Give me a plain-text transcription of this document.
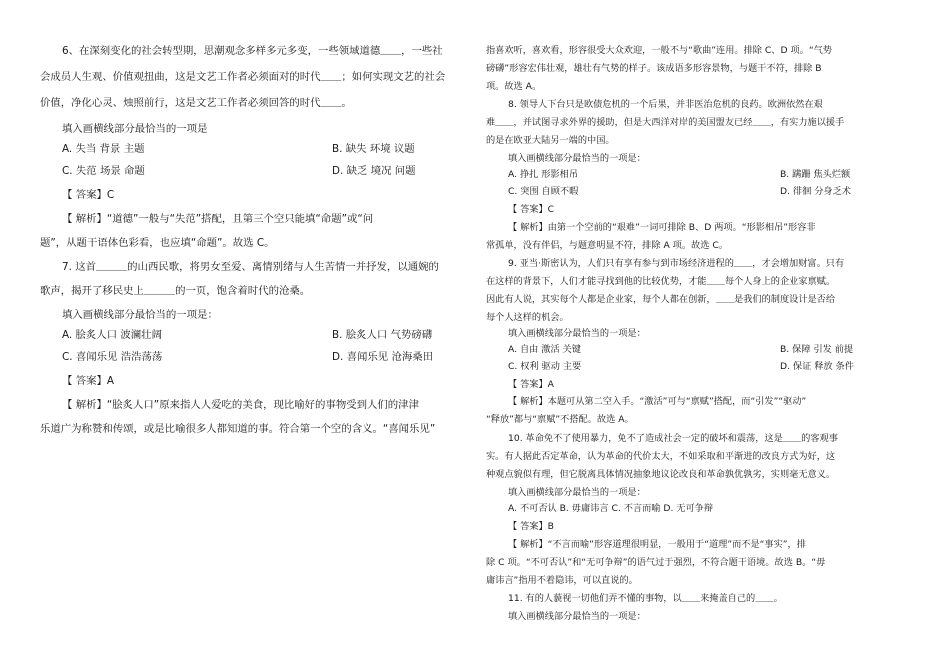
6、在深刻变化的社会转型期，思潮观念多样多元多变，一些领域道德＿＿，一些社
会成员人生观、价值观扭曲，这是文艺工作者必须面对的时代＿＿；如何实现文艺的社会
价值，净化心灵、烛照前行，这是文艺工作者必须回答的时代＿＿。
填入画横线部分最恰当的一项是
A. 失当 背景 主题	B. 缺失 环境 议题
C. 失范 场景 命题	D. 缺乏 境况 问题
【 答案】C
【 解析】“道德”一般与“失范”搭配，且第三个空只能填“命题”或“问
题”，从题干语体色彩看，也应填“命题”。故选 C。
7. 这首＿＿＿的山西民歌，将男女至爱、离情别绪与人生苦情一并抒发，以通婉的
歌声，揭开了移民史上＿＿＿的一页，饱含着时代的沧桑。
填入画横线部分最恰当的一项是：
A. 脍炙人口 波澜壮阔	B. 脍炙人口 气势磅礴
C. 喜闻乐见 浩浩荡荡	D. 喜闻乐见 沧海桑田
【 答案】A
【 解析】“脍炙人口”原来指人人爱吃的美食，现比喻好的事物受到人们的津津
乐道广为称赞和传颂，或是比喻很多人都知道的事。符合第一个空的含义。“喜闻乐见”
指喜欢听，喜欢看，形容很受大众欢迎，一般不与“歌曲”连用。排除 C、D 项。“气势
磅礴”形容宏伟壮观，雄壮有气势的样子。该成语多形容景物，与题干不符，排除 B
项。故选 A。
8. 领导人下台只是欧债危机的一个后果，并非医治危机的良药。欧洲依然在艰
难＿＿，并试图寻求外界的援助，但是大西洋对岸的美国盟友已经＿＿，有实力施以援手
的是在欧亚大陆另一端的中国。
填入画横线部分最恰当的一项是：
A. 挣扎 形影相吊	B. 蹒跚 焦头烂额
C. 突围 自顾不暇	D. 徘徊 分身乏术
【 答案】C
【 解析】由第一个空前的“艰难”一词可排除 B、D 两项。“形影相吊”形容非
常孤单，没有伴侣，与题意明显不符，排除 A 项。故选 C。
9. 亚当·斯密认为，人们只有享有参与到市场经济进程的＿＿，才会增加财富。只有
在这样的背景下，人们才能寻找到他的比较优势，才能＿＿每个人身上的企业家禀赋。
因此有人说，其实每个人都是企业家，每个人都在创新，＿＿是我们的制度设计是否给
每个人这样的机会。
填入画横线部分最恰当的一项是：
A. 自由 激活 关键	B. 保障 引发 前提
C. 权利 驱动 主要	D. 保证 释放 条件
【 答案】A
【 解析】本题可从第二空入手。“激活”可与“禀赋”搭配，而“引发”“驱动”
“释放”都与“禀赋”不搭配。故选 A。
10. 革命免不了使用暴力，免不了造成社会一定的破坏和震荡，这是＿＿的客观事
实。有人据此否定革命，认为革命的代价太大，不如采取和平渐进的改良方式为好，这
种观点貌似有理，但它脱离具体情况抽象地议论改良和革命孰优孰劣，实则毫无意义。
填入画横线部分最恰当的一项是：
A. 不可否认 B. 毋庸讳言 C. 不言而喻 D. 无可争辩
【 答案】B
【 解析】“不言而喻”形容道理很明显，一般用于“道理”而不是“事实”，排
除 C 项。“不可否认”和“无可争辩”的语气过于强烈，不符合题干语境。故选 B。“毋
庸讳言”指用不着隐讳，可以直说的。
11. 有的人藐视一切他们弄不懂的事物，以＿＿来掩盖自己的＿＿。
填入画横线部分最恰当的一项是：
